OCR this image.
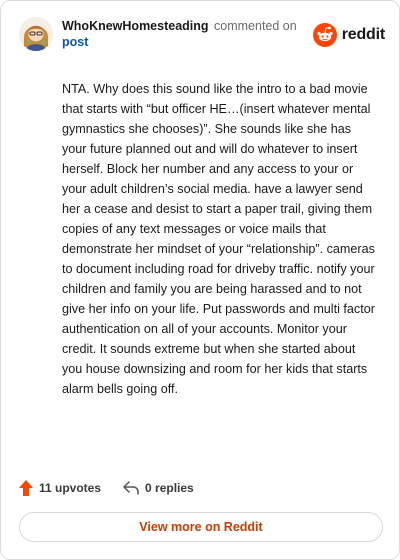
WhoKnewHomesteading commented on
post	reddit
NTA. Why does this sound like the intro to a bad movie that starts with “but officer HE…(insert whatever mental gymnastics she chooses)”. She sounds like she has your future planned out and will do whatever to insert herself. Block her number and any access to your or your adult children’s social media. have a lawyer send her a cease and desist to start a paper trail, giving them copies of any text messages or voice mails that demonstrate her mindset of your “relationship”. cameras to document including road for driveby traffic. notify your children and family you are being harassed and to not give her info on your life. Put passwords and multi factor authentication on all of your accounts. Monitor your credit. It sounds extreme but when she started about you house downsizing and room for her kids that starts alarm bells going off.
11 upvotes	0 replies
View more on Reddit
